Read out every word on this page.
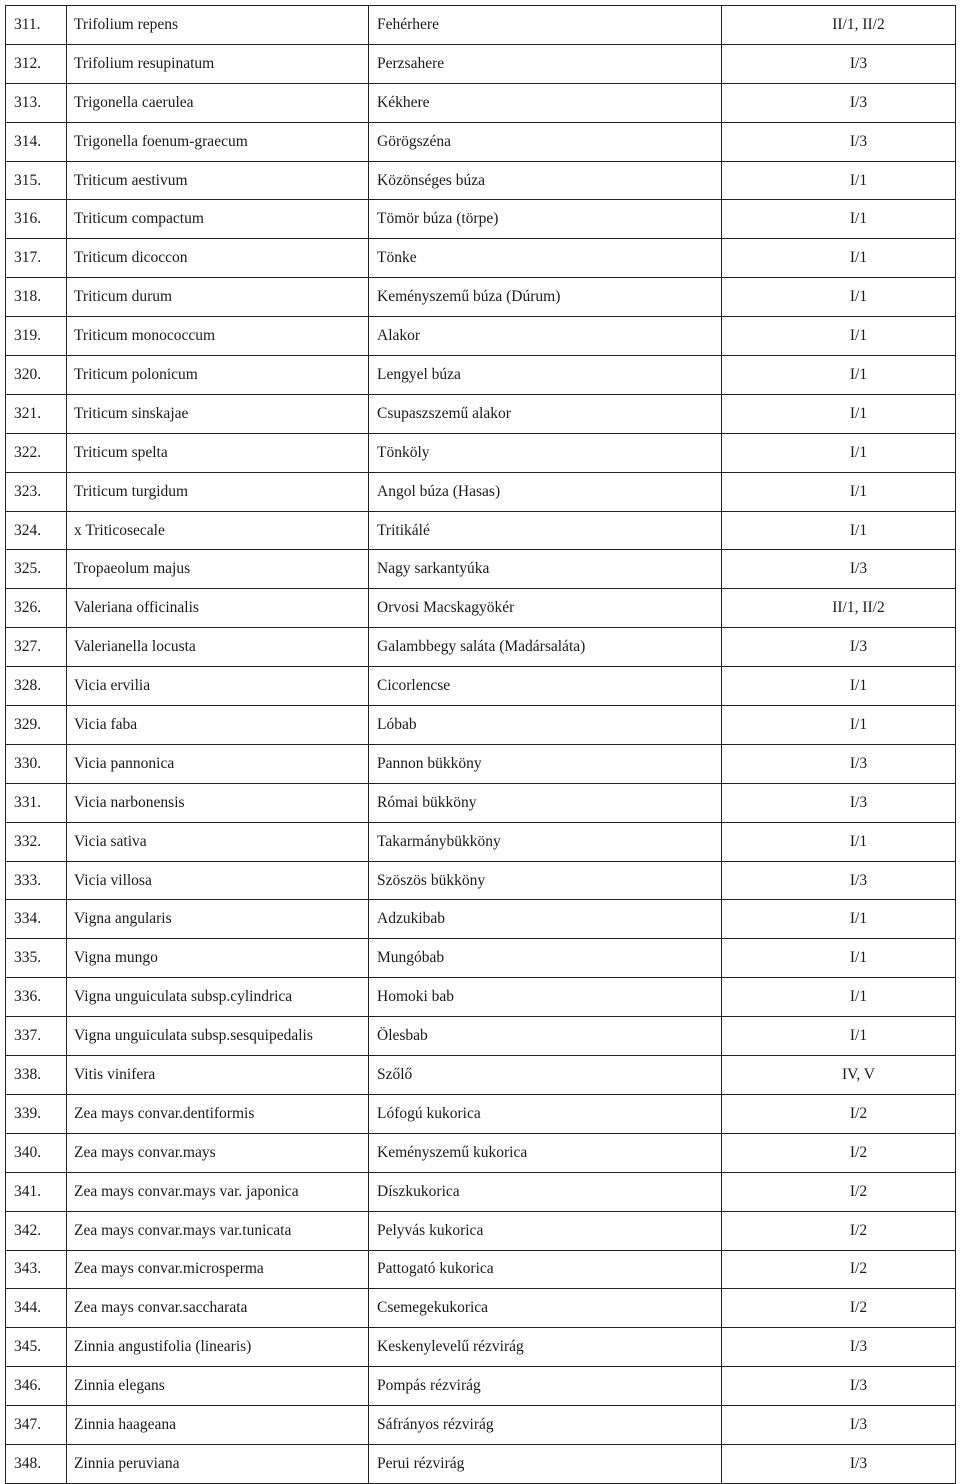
311.	Trifolium repens	Fehérhere	II/1, II/2
312.	Trifolium resupinatum	Perzsahere	I/3
313.	Trigonella caerulea	Kékhere	I/3
314.	Trigonella foenum-graecum	Görögszéna	I/3
315.	Triticum aestivum	Közönséges búza	I/1
316.	Triticum compactum	Tömör búza (törpe)	I/1
317.	Triticum dicoccon	Tönke	I/1
318.	Triticum durum	Keményszemű búza (Dúrum)	I/1
319.	Triticum monococcum	Alakor	I/1
320.	Triticum polonicum	Lengyel búza	I/1
321.	Triticum sinskajae	Csupaszszemű alakor	I/1
322.	Triticum spelta	Tönköly	I/1
323.	Triticum turgidum	Angol búza (Hasas)	I/1
324.	x Triticosecale	Tritikálé	I/1
325.	Tropaeolum majus	Nagy sarkantyúka	I/3
326.	Valeriana officinalis	Orvosi Macskagyökér	II/1, II/2
327.	Valerianella locusta	Galambbegy saláta (Madársaláta)	I/3
328.	Vicia ervilia	Cicorlencse	I/1
329.	Vicia faba	Lóbab	I/1
330.	Vicia pannonica	Pannon bükköny	I/3
331.	Vicia narbonensis	Római bükköny	I/3
332.	Vicia sativa	Takarmánybükköny	I/1
333.	Vicia villosa	Szöszös bükköny	I/3
334.	Vigna angularis	Adzukibab	I/1
335.	Vigna mungo	Mungóbab	I/1
336.	Vigna unguiculata subsp.cylindrica	Homoki bab	I/1
337.	Vigna unguiculata subsp.sesquipedalis	Ölesbab	I/1
338.	Vitis vinifera	Szőlő	IV, V
339.	Zea mays convar.dentiformis	Lófogú kukorica	I/2
340.	Zea mays convar.mays	Keményszemű kukorica	I/2
341.	Zea mays convar.mays var. japonica	Díszkukorica	I/2
342.	Zea mays convar.mays var.tunicata	Pelyvás kukorica	I/2
343.	Zea mays convar.microsperma	Pattogató kukorica	I/2
344.	Zea mays convar.saccharata	Csemegekukorica	I/2
345.	Zinnia angustifolia (linearis)	Keskenylevelű rézvirág	I/3
346.	Zinnia elegans	Pompás rézvirág	I/3
347.	Zinnia haageana	Sáfrányos rézvirág	I/3
348.	Zinnia peruviana	Perui rézvirág	I/3
